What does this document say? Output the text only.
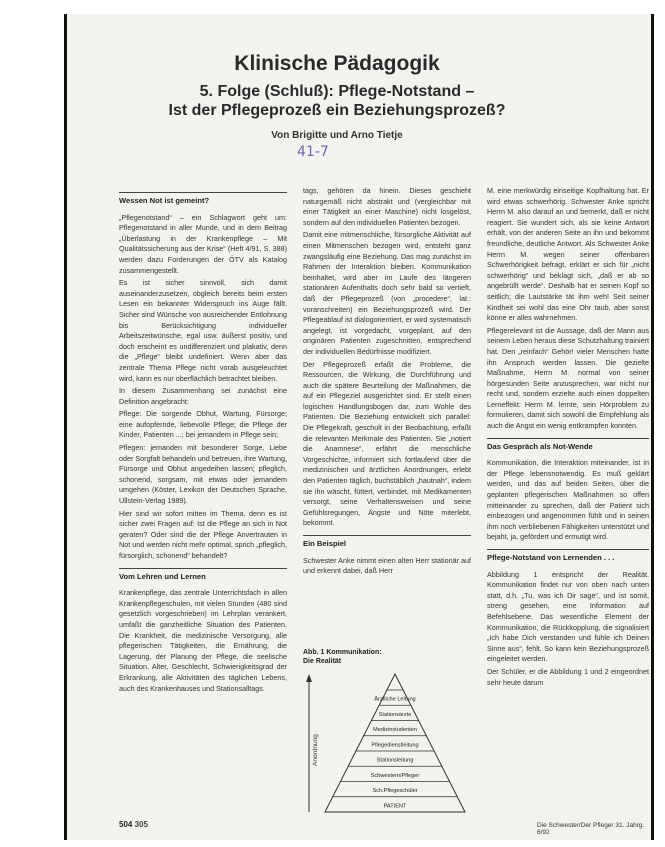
Klinische Pädagogik
5. Folge (Schluß): Pflege-Notstand –
Ist der Pflegeprozeß ein Beziehungsprozeß?
Von Brigitte und Arno Tietje
41-7
Wessen Not ist gemeint?

„Pflegenotstand“ – ein Schlagwort geht um: Pflegenotstand in aller Munde, und in dem Beitrag „Überlastung in der Krankenpflege – Mit Qualitätssicherung aus der Krise“ (Heft 4/91, S. 388) werden dazu Forderungen der ÖTV als Katalog zusammengestellt.

Es ist sicher sinnvoll, sich damit auseinanderzusetzen, obgleich bereits beim ersten Lesen ein bekannter Widerspruch ins Auge fällt. Sicher sind Wünsche von ausreichender Entlohnung bis Berücksichtigung individueller Arbeitszeitwünsche, egal usw. äußerst positiv, und doch erscheint es undifferenziert und plakativ, denn die „Pflege“ bleibt undefiniert. Wenn aber das zentrale Thema Pflege nicht vorab ausgeleuchtet wird, kann es nur oberflächlich betrachtet bleiben.

In diesem Zusammenhang sei zunächst eine Definition angebracht:

Pflege: Die sorgende Obhut, Wartung, Fürsorge; eine aufopfernde, liebevolle Pflege; die Pflege der Kinder, Patienten ...; bei jemandem in Pflege sein;

Pflegen: jemanden mit besonderer Sorge, Liebe oder Sorgfalt behandeln und betreuen, ihre Wartung, Fürsorge und Obhut angedeihen lassen; pfleglich, schonend, sorgsam, mit etwas oder jemandem umgehen (Köster, Lexikon der Deutschen Sprache, Ullstein-Verlag 1989).

Hier sind wir sofort mitten im Thema, denn es ist sicher zwei Fragen auf: Ist die Pflege an sich in Not geraten? Oder sind die der Pflege Anvertrauten in Not und werden nicht mehr optimal, sprich „pfleglich, fürsorglich, schonend“ behandelt?

Vom Lehren und Lernen

Krankenpflege, das zentrale Unterrichtsfach in allen Krankenpflegeschulen, mit vielen Stunden (480 sind gesetzlich vorgeschrieben) im Lehrplan verankert, umfaßt die ganzheitliche Situation des Patienten. Die Krankheit, die medizinische Versorgung, alle pflegerischen Tätigkeiten, die Ernährung, die Lagerung, der Planung der Pflege, die seelische Situation, Alter, Geschlecht, Schwierigkeitsgrad der Erkrankung, alle Aktivitäten des täglichen Lebens, auch des Krankenhauses und Stationsalltags.

tags, gehören da hinein. Dieses geschieht naturgemäß nicht abstrakt und (vergleichbar mit einer Tätigkeit an einer Maschine) nicht losgelöst, sondern auf den individuellen Patienten bezogen.

Damit eine mitmenschliche, fürsorgliche Aktivität auf einen Mitmenschen bezogen wird, entsteht ganz zwangsläufig eine Beziehung. Das mag zunächst im Rahmen der Interaktion bleiben. Kommunikation beinhaltet, wird aber im Laufe des längeren stationären Aufenthalts doch sehr bald so vertieft, daß der Pflegeprozeß (von „procedere“, lat.: voranschreiten) ein Beziehungsprozeß wird. Der Pflegeablauf ist dialogorientiert, er wird systematisch angelegt, ist vorgedacht, vorgeplant, auf den originären Patienten zugeschnitten, entsprechend der individuellen Bedürfnisse modifiziert.

Der Pflegeprozeß erfaßt die Probleme, die Ressourcen, die Wirkung, die Durchführung und auch die spätere Beurteilung der Maßnahmen, die auf ein Pflegeziel ausgerichtet sind. Er stellt einen logischen Handlungsbogen dar, zum Wohle des Patienten. Die Beziehung entwickelt sich parallel: Die Pflegekraft, geschult in der Beobachtung, erfaßt die relevanten Merkmale des Patienten. Sie „notiert die Anamnese“, erfährt die menschliche Vorgeschichte, informiert sich fortlaufend über die medizinischen und ärztlichen Anordnungen, erlebt den Patienten täglich, buchstäblich „hautnah“, indem sie ihn wäscht, füttert, verbindet, mit Medikamenten versorgt, seine Verhaltensweisen und seine Gefühlsregungen, Ängste und Nöte miterlebt, bekommt.

Ein Beispiel

Schwester Anke nimmt einen alten Herr stationär auf und erkennt dabei, daß Herr

Abb. 1 Kommunikation:
Die Realität
Anordnung
Ärztliche Leitung
Stationsärzte
Medizinstudenten
Pflegedienstleitung
Stationsleitung
Schwestern/Pfleger
Sch.Pflegeschüler
PATIENT

M. eine merkwürdig einseitige Kopfhaltung hat. Er wird etwas schwerhörig. Schwester Anke spricht Herrn M. also darauf an und bemerkt, daß er nicht reagiert. Sie wundert sich, als sie keine Antwort erhält, von der anderen Seite an ihn und bekommt freundliche, deutliche Antwort. Als Schwester Anke Herrn M. wegen seiner offenbaren Schwerhörigkeit befragt, erklärt er sich für „nicht schwerhörig“ und beklagt sich, „daß er ab so angebrüllt werde“. Deshalb hat er seinen Kopf so seitlich; die Lautstärke tät ihm weh! Seit seiner Kindheit sei wohl das eine Ohr taub, aber sonst könne er alles wahrnehmen.

Pflegerelevant ist die Aussage, daß der Mann aus seinem Leben heraus diese Schutzhaltung trainiert hat. Den „reinfach“ Gehör! vieler Menschen hatte ihn Anspruch werden lassen. Die gezielte Maßnahme, Herrn M. normal von seiner hörgesunden Seite anzusprechen, war nicht nur recht und, sondern erzielte auch einen doppelten Lerneffekt: Herrn M. lernte, sein Hörproblem zu formulieren, damit sich sowohl die Empfehlung als auch die Angst ein wenig entkrampfen konnten.

Das Gespräch als Not-Wende

Kommunikation, die Interaktion miteinander, ist in der Pflege lebensnotwendig. Es muß geklärt werden, und das auf beiden Seiten, über die geplanten pflegerischen Maßnahmen so offen mitteinander zu sprechen, daß der Patient sich einbezogen und angenommen fühlt und in seinen ihm noch verbliebenen Fähigkeiten unterstützt und bejaht, ja, gefördert und ermutigt wird.

Pflege-Notstand von Lernenden . . .

Abbildung 1 entspricht der Realität. Kommunikation findet nur von oben nach unten statt, d.h. „Tu, was ich Dir sage“, und ist somit, streng gesehen, eine Information auf Befehlsebene. Das wesentliche Element der Kommunikation, die Rückkopplung, die signalisiert „Ich habe Dich verstanden und fühle ich Deinen Sinne aus“, fehlt. So kann kein Beziehungsprozeß eingeleitet werden.

Der Schüler, er die Abbildung 1 und 2 eingeordnet sehr heute darum

504 305	Die Schwester/Der Pfleger 31. Jahrg. 6/92
